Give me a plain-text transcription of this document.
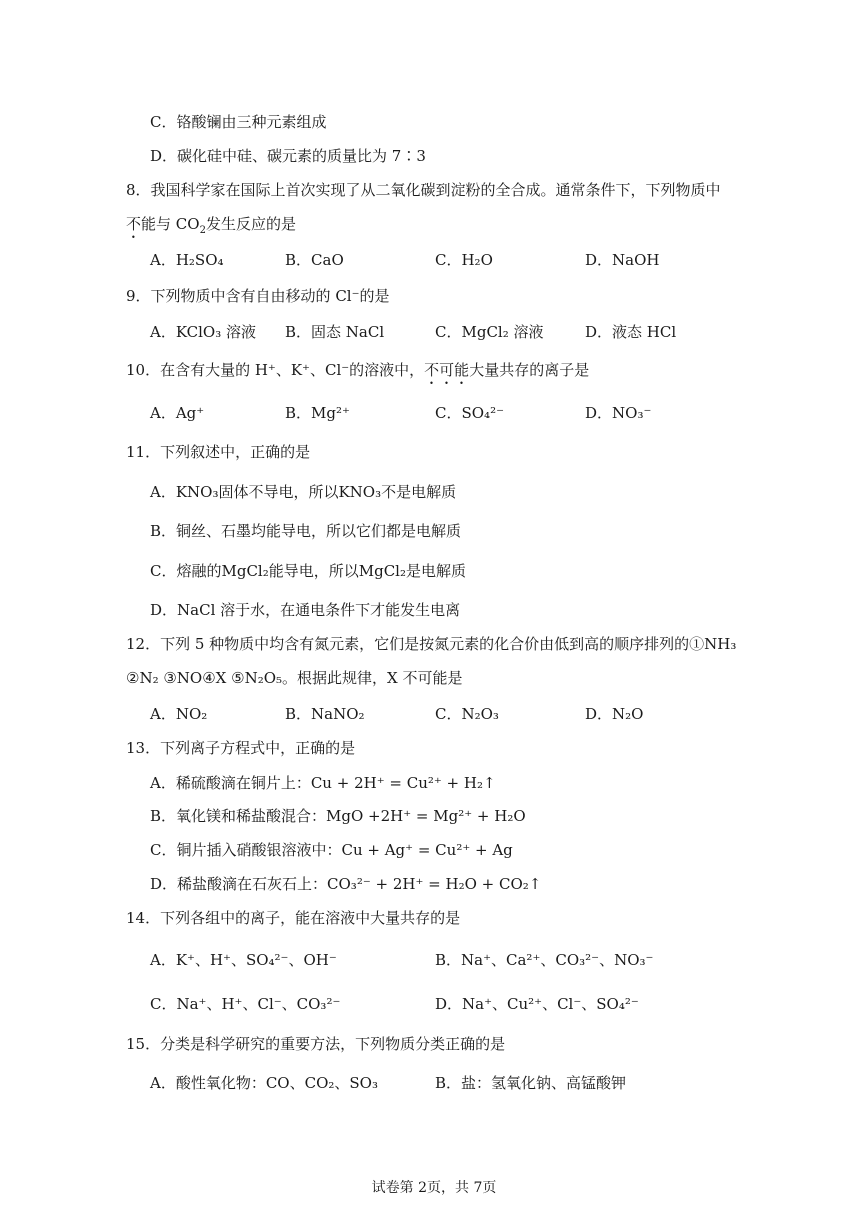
C．铬酸镧由三种元素组成
D．碳化硅中硅、碳元素的质量比为 7∶3
8．我国科学家在国际上首次实现了从二氧化碳到淀粉的全合成。通常条件下，下列物质中
不能与 $CO_2$发生反应的是
A．H₂SO₄	B．CaO	C．H₂O	D．NaOH
9．下列物质中含有自由移动的 Cl⁻的是
A．KClO₃ 溶液 B．固态 NaCl	C．MgCl₂ 溶液	D．液态 HCl
10．在含有大量的 H⁺、K⁺、Cl⁻的溶液中，不可能大量共存的离子是
A．Ag⁺	B．Mg²⁺	C．SO₄²⁻	D．NO₃⁻
11．下列叙述中，正确的是
A．KNO₃固体不导电，所以KNO₃不是电解质
B．铜丝、石墨均能导电，所以它们都是电解质
C．熔融的MgCl₂能导电，所以MgCl₂是电解质
D．NaCl 溶于水，在通电条件下才能发生电离
12．下列 5 种物质中均含有氮元素，它们是按氮元素的化合价由低到高的顺序排列的①NH₃
②N₂ ③NO④X ⑤N₂O₅。根据此规律，X 不可能是
A．NO₂	B．NaNO₂	C．N₂O₃	D．N₂O
13．下列离子方程式中，正确的是
A．稀硫酸滴在铜片上：Cu + 2H⁺ = Cu²⁺ + H₂↑
B．氧化镁和稀盐酸混合：MgO +2H⁺ = Mg²⁺ + H₂O
C．铜片插入硝酸银溶液中：Cu + Ag⁺ = Cu²⁺ + Ag
D．稀盐酸滴在石灰石上：CO₃²⁻ + 2H⁺ = H₂O + CO₂↑
14．下列各组中的离子，能在溶液中大量共存的是
A．K⁺、H⁺、SO₄²⁻、OH⁻	B．Na⁺、Ca²⁺、CO₃²⁻、NO₃⁻
C．Na⁺、H⁺、Cl⁻、CO₃²⁻	D．Na⁺、Cu²⁺、Cl⁻、SO₄²⁻
15．分类是科学研究的重要方法，下列物质分类正确的是
A．酸性氧化物：CO、CO₂、SO₃	B．盐：氢氧化钠、高锰酸钾
试卷第 2页，共 7页
